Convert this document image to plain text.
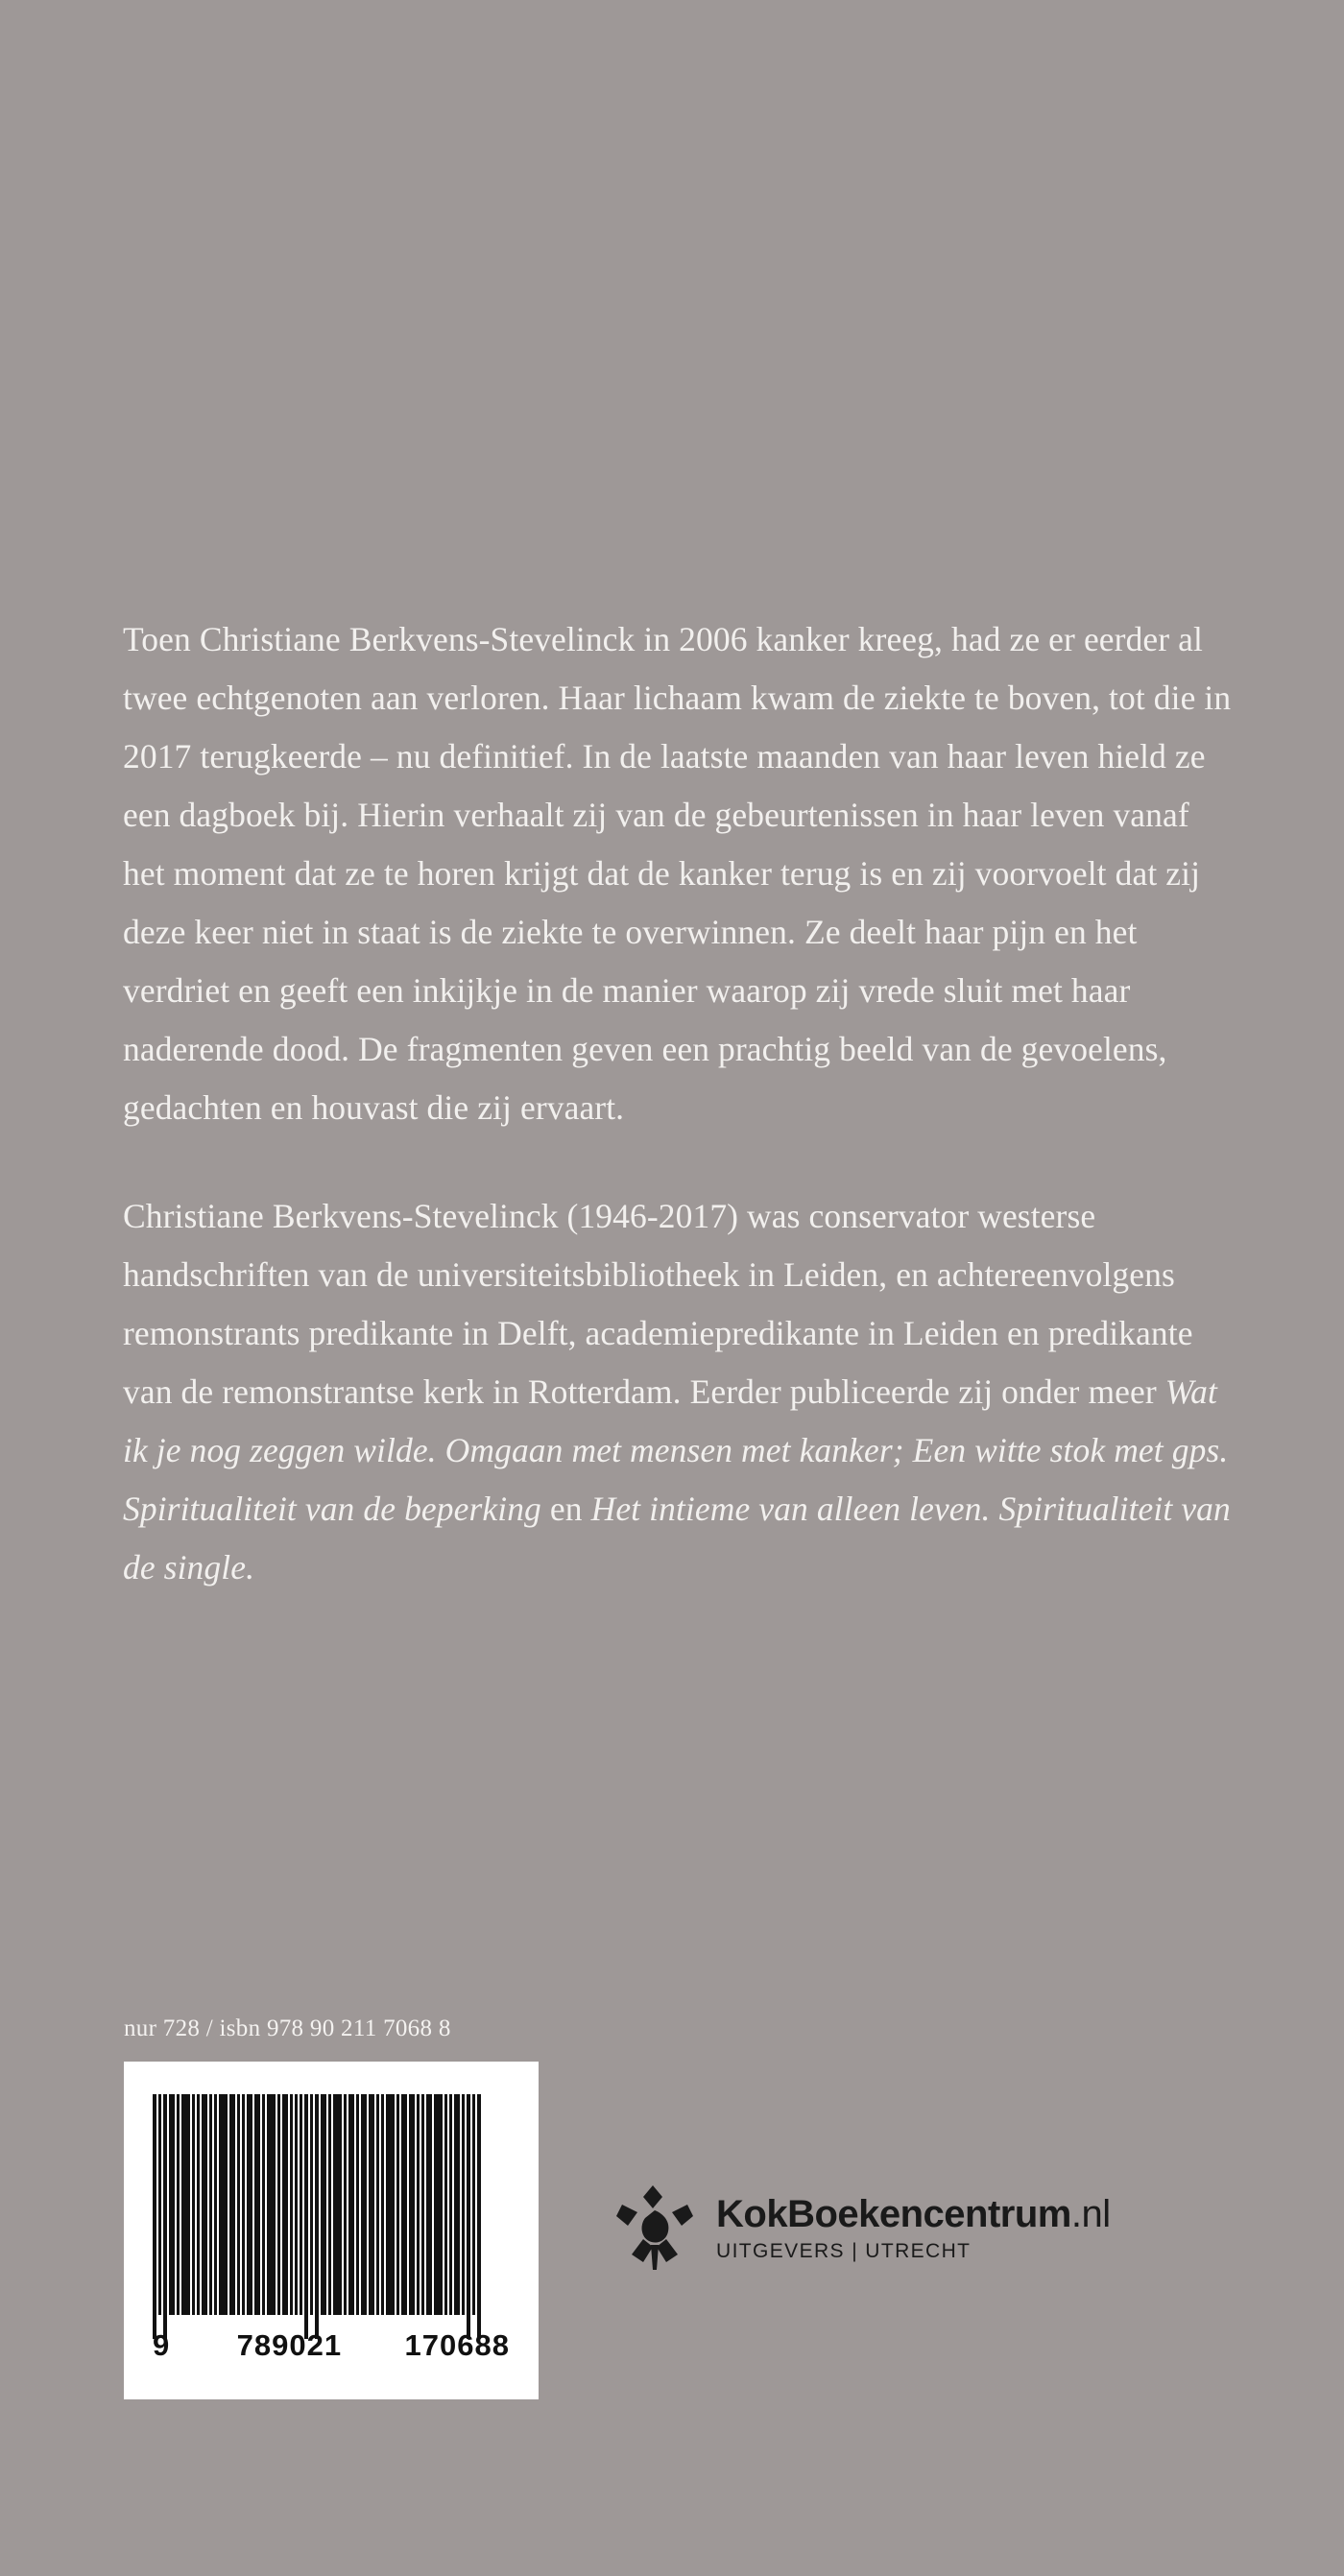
Toen Christiane Berkvens-Stevelinck in 2006 kanker kreeg, had ze er eerder al twee echtgenoten aan verloren. Haar lichaam kwam de ziekte te boven, tot die in 2017 terugkeerde – nu definitief. In de laatste maanden van haar leven hield ze een dagboek bij. Hierin verhaalt zij van de gebeurtenissen in haar leven vanaf het moment dat ze te horen krijgt dat de kanker terug is en zij voorvoelt dat zij deze keer niet in staat is de ziekte te overwinnen. Ze deelt haar pijn en het verdriet en geeft een inkijkje in de manier waarop zij vrede sluit met haar naderende dood. De fragmenten geven een prachtig beeld van de gevoelens, gedachten en houvast die zij ervaart.

Christiane Berkvens-Stevelinck (1946-2017) was conservator westerse handschriften van de universiteitsbibliotheek in Leiden, en achtereenvolgens remonstrants predikante in Delft, academiepredikante in Leiden en predikante van de remonstrantse kerk in Rotterdam. Eerder publiceerde zij onder meer Wat ik je nog zeggen wilde. Omgaan met mensen met kanker; Een witte stok met gps. Spiritualiteit van de beperking en Het intieme van alleen leven. Spiritualiteit van de single.

nur 728 / isbn 978 90 211 7068 8
9 789021 170688
KokBoekencentrum.nl
UITGEVERS | UTRECHT
